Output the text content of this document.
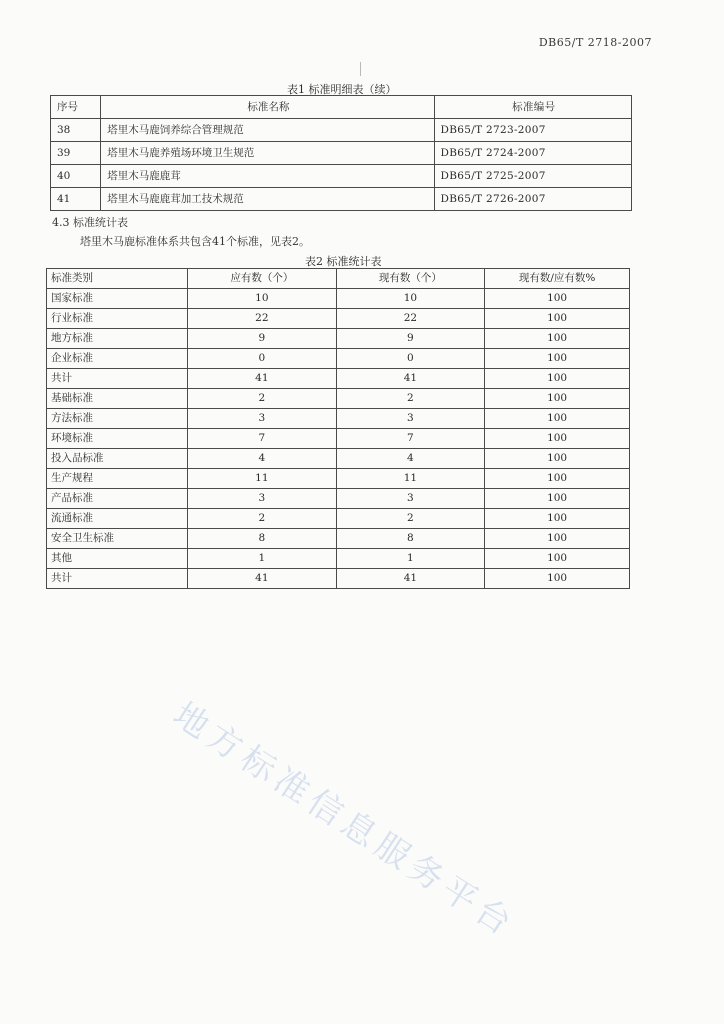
DB65/T 2718-2007
表1 标准明细表（续）
序号	标准名称	标准编号
38	塔里木马鹿饲养综合管理规范	DB65/T 2723-2007
39	塔里木马鹿养殖场环境卫生规范	DB65/T 2724-2007
40	塔里木马鹿鹿茸	DB65/T 2725-2007
41	塔里木马鹿鹿茸加工技术规范	DB65/T 2726-2007
4.3 标准统计表
塔里木马鹿标准体系共包含41个标准，见表2。
表2 标准统计表
标准类别	应有数（个）	现有数（个）	现有数/应有数%
国家标准	10	10	100
行业标准	22	22	100
地方标准	9	9	100
企业标准	0	0	100
共计	41	41	100
基础标准	2	2	100
方法标准	3	3	100
环境标准	7	7	100
投入品标准	4	4	100
生产规程	11	11	100
产品标准	3	3	100
流通标准	2	2	100
安全卫生标准	8	8	100
其他	1	1	100
共计	41	41	100
地方标准信息服务平台
